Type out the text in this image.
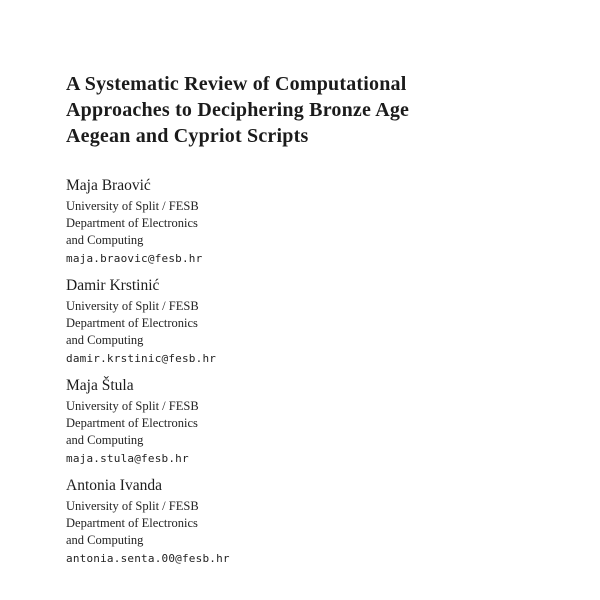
A Systematic Review of Computational
Approaches to Deciphering Bronze Age
Aegean and Cypriot Scripts
Maja Braović
University of Split / FESB
Department of Electronics
and Computing
maja.braovic@fesb.hr
Damir Krstinić
University of Split / FESB
Department of Electronics
and Computing
damir.krstinic@fesb.hr
Maja Štula
University of Split / FESB
Department of Electronics
and Computing
maja.stula@fesb.hr
Antonia Ivanda
University of Split / FESB
Department of Electronics
and Computing
antonia.senta.00@fesb.hr
